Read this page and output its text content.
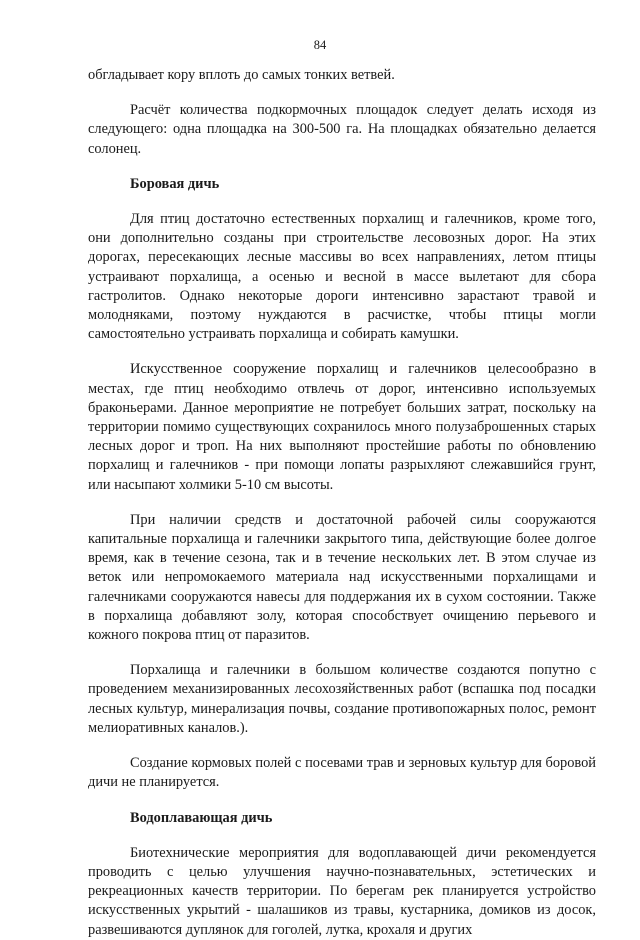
84

обгладывает кору вплоть до самых тонких ветвей.

Расчёт количества подкормочных площадок следует делать исходя из следующего: одна площадка на 300-500 га. На площадках обязательно делается солонец.

Боровая дичь

Для птиц достаточно естественных порхалищ и галечников, кроме того, они дополнительно созданы при строительстве лесовозных дорог. На этих дорогах, пересекающих лесные массивы во всех направлениях, летом птицы устраивают порхалища, а осенью и весной в массе вылетают для сбора гастролитов. Однако некоторые дороги интенсивно зарастают травой и молодняками, поэтому нуждаются в расчистке, чтобы птицы могли самостоятельно устраивать порхалища и собирать камушки.

Искусственное сооружение порхалищ и галечников целесообразно в местах, где птиц необходимо отвлечь от дорог, интенсивно используемых браконьерами. Данное мероприятие не потребует больших затрат, поскольку на территории помимо существующих сохранилось много полузаброшенных старых лесных дорог и троп. На них выполняют простейшие работы по обновлению порхалищ и галечников - при помощи лопаты разрыхляют слежавшийся грунт, или насыпают холмики 5-10 см высоты.

При наличии средств и достаточной рабочей силы сооружаются капитальные порхалища и галечники закрытого типа, действующие более долгое время, как в течение сезона, так и в течение нескольких лет. В этом случае из веток или непромокаемого материала над искусственными порхалищами и галечниками сооружаются навесы для поддержания их в сухом состоянии. Также в порхалища добавляют золу, которая способствует очищению перьевого и кожного покрова птиц от паразитов.

Порхалища и галечники в большом количестве создаются попутно с проведением механизированных лесохозяйственных работ (вспашка под посадки лесных культур, минерализация почвы, создание противопожарных полос, ремонт мелиоративных каналов.).

Создание кормовых полей с посевами трав и зерновых культур для боровой дичи не планируется.

Водоплавающая дичь

Биотехнические мероприятия для водоплавающей дичи рекомендуется проводить с целью улучшения научно-познавательных, эстетических и рекреационных качеств территории. По берегам рек планируется устройство искусственных укрытий - шалашиков из травы, кустарника, домиков из досок, развешиваются дуплянок для гоголей, лутка, крохаля и других
